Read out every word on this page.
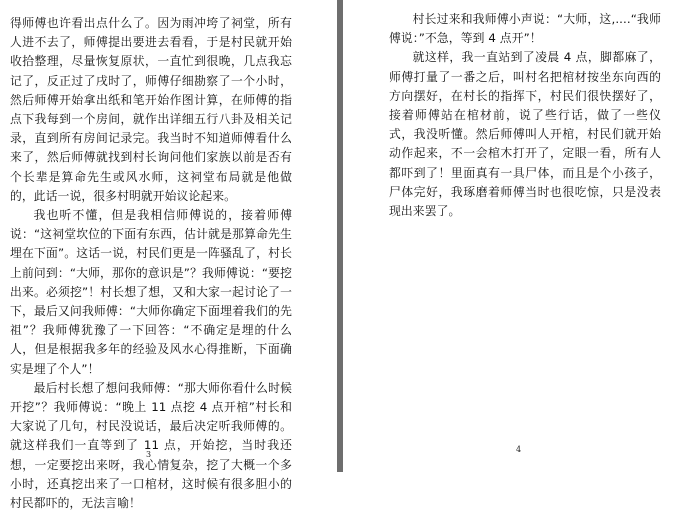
得师傅也许看出点什么了。因为雨冲垮了祠堂，所有人进不去了，师傅提出要进去看看，于是村民就开始收拾整理，尽量恢复原状，一直忙到很晚，几点我忘记了，反正过了戌时了，师傅仔细勘察了一个小时，然后师傅开始拿出纸和笔开始作图计算，在师傅的指点下我每到一个房间，就作出详细五行八卦及相关记录，直到所有房间记录完。我当时不知道师傅看什么来了，然后师傅就找到村长询问他们家族以前是否有个长辈是算命先生或风水师，这祠堂布局就是他做的，此话一说，很多村明就开始议论起来。

我也听不懂，但是我相信师傅说的，接着师傅说：“这祠堂坎位的下面有东西，估计就是那算命先生埋在下面”。这话一说，村民们更是一阵骚乱了，村长上前问到：“大师，那你的意识是”？我师傅说：“要挖出来。必须挖”！村长想了想，又和大家一起讨论了一下，最后又问我师傅：“大师你确定下面埋着我们的先祖”？我师傅犹豫了一下回答：“不确定是埋的什么人，但是根据我多年的经验及风水心得推断，下面确实是埋了个人”！

最后村长想了想问我师傅：“那大师你看什么时候开挖”？我师傅说：“晚上 11 点挖 4 点开棺”村长和大家说了几句，村民没说话，最后决定听我师傅的。就这样我们一直等到了 11 点，开始挖，当时我还想，一定要挖出来呀，我心情复杂，挖了大概一个多小时，还真挖出来了一口棺材，这时候有很多胆小的村民都吓的，无法言喻！

3

村长过来和我师傅小声说：“大师，这,....“我师傅说：”不急，等到 4 点开”！

就这样，我一直站到了凌晨 4 点，脚都麻了，师傅打量了一番之后，叫村名把棺材按坐东向西的方向摆好，在村长的指挥下，村民们很快摆好了，接着师傅站在棺材前，说了些行话，做了一些仪式，我没听懂。然后师傅叫人开棺，村民们就开始动作起来，不一会棺木打开了，定眼一看，所有人都吓到了！里面真有一具尸体，而且是个小孩子，尸体完好，我琢磨着师傅当时也很吃惊，只是没表现出来罢了。

4
